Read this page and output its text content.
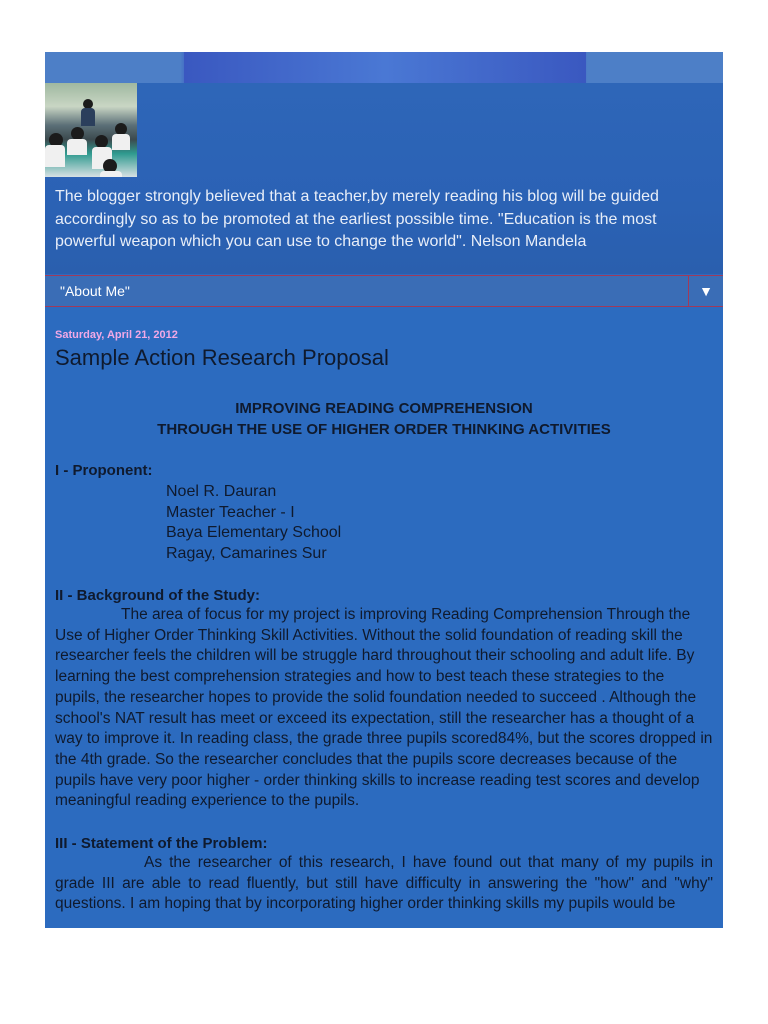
The blogger strongly believed that a teacher,by merely reading his blog will be guided accordingly so as to be promoted at the earliest possible time. "Education is the most powerful weapon which you can use to change the world". Nelson Mandela

"About Me"	▼
Saturday, April 21, 2012
Sample Action Research Proposal
IMPROVING READING COMPREHENSION
THROUGH THE USE OF HIGHER ORDER THINKING ACTIVITIES
I - Proponent:
Noel R. Dauran
Master Teacher - I
Baya Elementary School
Ragay, Camarines Sur
II - Background of the Study:

The area of focus for my project is improving Reading Comprehension Through the Use of Higher Order Thinking Skill Activities. Without the solid foundation of reading skill the researcher feels the children will be struggle hard throughout their schooling and adult life. By learning the best comprehension strategies and how to best teach these strategies to the pupils, the researcher hopes to provide the solid foundation needed to succeed . Although the school's NAT result has meet or exceed its expectation, still the researcher has a thought of a way to improve it. In reading class, the grade three pupils scored84%, but the scores dropped in the 4th grade. So the researcher concludes that the pupils score decreases because of the pupils have very poor higher - order thinking skills to increase reading test scores and develop meaningful reading experience to the pupils.

III - Statement of the Problem:

As the researcher of this research, I have found out that many of my pupils in grade III are able to read fluently, but still have difficulty in answering the "how" and "why" questions. I am hoping that by incorporating higher order thinking skills my pupils would be
